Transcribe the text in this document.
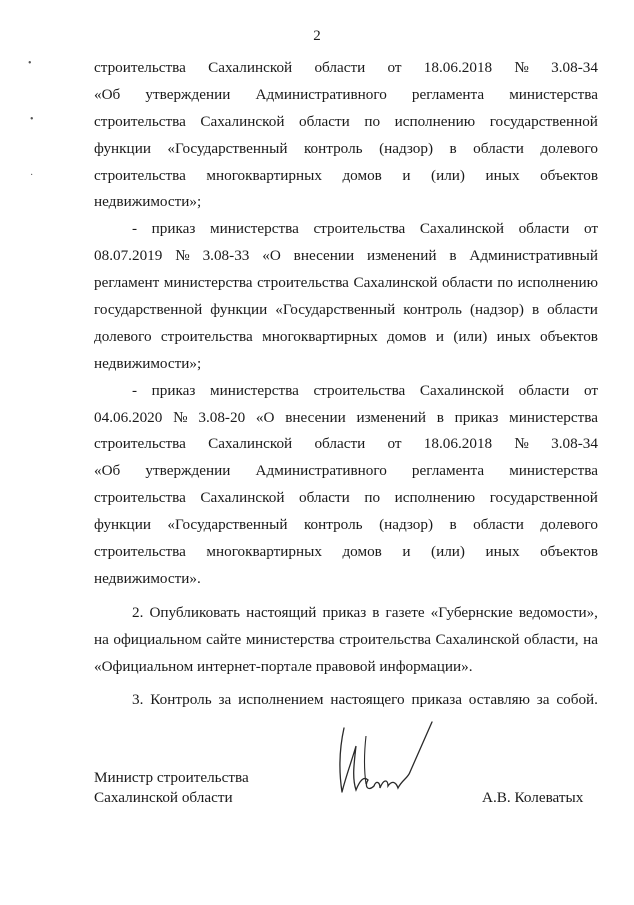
2
•
•
·
строительства Сахалинской области от 18.06.2018 № 3.08-34
«Об утверждении Административного регламента министерства
строительства Сахалинской области по исполнению государственной
функции «Государственный контроль (надзор) в области долевого
строительства многоквартирных домов и (или) иных объектов
недвижимости»;
- приказ министерства строительства Сахалинской области от
08.07.2019 № 3.08-33 «О внесении изменений в Административный
регламент министерства строительства Сахалинской области по исполнению
государственной функции «Государственный контроль (надзор) в области
долевого строительства многоквартирных домов и (или) иных объектов
недвижимости»;
- приказ министерства строительства Сахалинской области от
04.06.2020 № 3.08-20 «О внесении изменений в приказ министерства
строительства Сахалинской области от 18.06.2018 № 3.08-34
«Об утверждении Административного регламента министерства
строительства Сахалинской области по исполнению государственной
функции «Государственный контроль (надзор) в области долевого
строительства многоквартирных домов и (или) иных объектов
недвижимости».
2. Опубликовать настоящий приказ в газете «Губернские ведомости»,
на официальном сайте министерства строительства Сахалинской области, на
«Официальном интернет-портале правовой информации».
3. Контроль за исполнением настоящего приказа оставляю за собой.
Министр строительства
Сахалинской области	А.В. Колеватых
